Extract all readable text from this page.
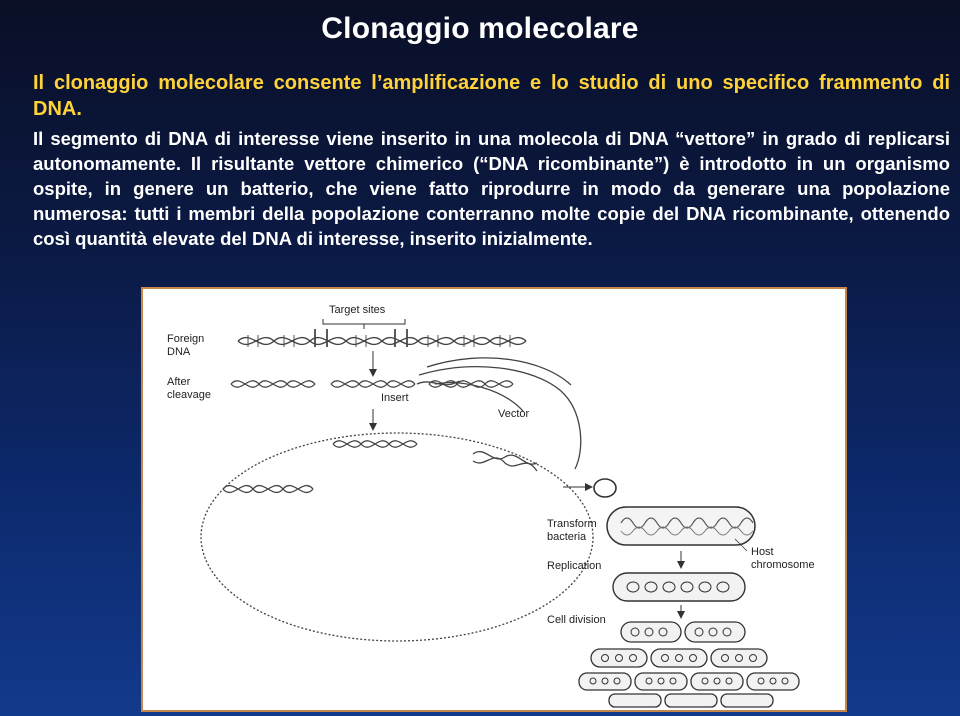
Clonaggio molecolare
Il clonaggio molecolare consente l’amplificazione e lo studio di uno specifico frammento di DNA.
Il segmento di DNA di interesse viene inserito in una molecola di DNA “vettore” in grado di replicarsi autonomamente. Il risultante vettore chimerico (“DNA ricombinante”) è introdotto in un organismo ospite, in genere un batterio, che viene fatto riprodurre in modo da generare una popolazione numerosa: tutti i membri della popolazione conterranno molte copie del DNA ricombinante, ottenendo così quantità elevate del DNA di interesse, inserito inizialmente.
Foreign
DNA
After
cleavage
Target sites
Insert
Vector
Transform
bacteria
Replication
Cell division
Host
chromosome
